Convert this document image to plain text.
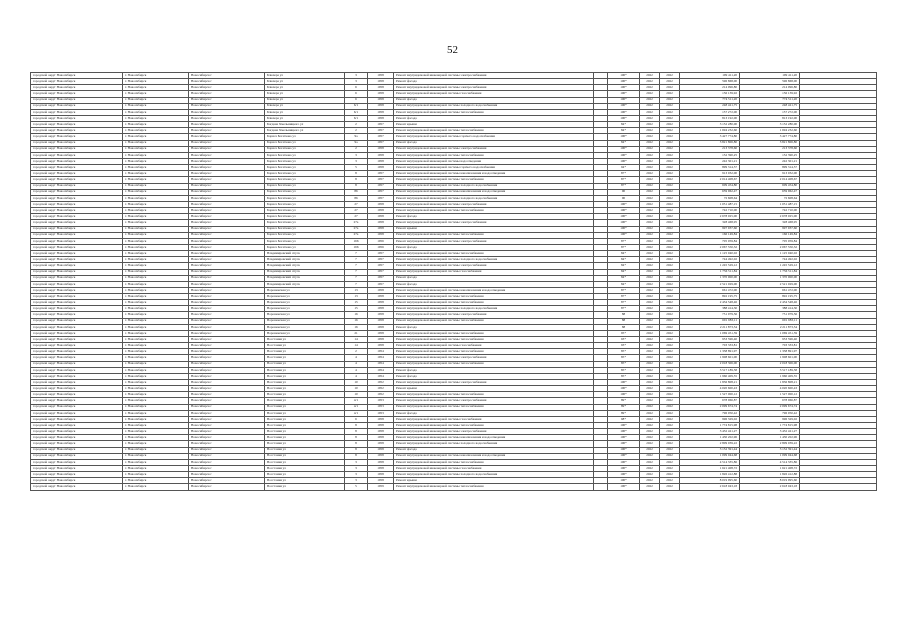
52
городской округ Новосибирск	г. Новосибирск	Новосибирск г	Блюхера ул	3	1958	Ремонт внутридомовой инженерной системы электроснабжения		100*	2022	2022	199 411,20	199 411,20	
городской округ Новосибирск	г. Новосибирск	Новосибирск г	Блюхера ул	3	1958	Ремонт фасада		100*	2022	2022	596 868,00	596 868,00	
городской округ Новосибирск	г. Новосибирск	Новосибирск г	Блюхера ул	6	1958	Ремонт внутридомовой инженерной системы электроснабжения		100*	2022	2022	214 096,80	214 096,80	
городской округ Новосибирск	г. Новосибирск	Новосибирск г	Блюхера ул	6	1958	Ремонт внутридомовой инженерной системы газоснабжения		100*	2022	2022	156 139,92	156 139,92	
городской округ Новосибирск	г. Новосибирск	Новосибирск г	Блюхера ул	6	1958	Ремонт фасада		100*	2022	2022	774 511,20	774 511,20	
городской округ Новосибирск	г. Новосибирск	Новосибирск г	Блюхера ул	6/1	1958	Ремонт внутридомовой инженерной системы холодного водоснабжения		100*	2022	2022	248 421,75	248 421,75	
городской округ Новосибирск	г. Новосибирск	Новосибирск г	Блюхера ул	6/1	1958	Ремонт внутридомовой инженерной системы теплоснабжения		100*	2022	2022	157 272,00	157 272,00	
городской округ Новосибирск	г. Новосибирск	Новосибирск г	Блюхера ул	6/1	1958	Ремонт фасада		100*	2022	2022	813 192,00	813 192,00	
городской округ Новосибирск	г. Новосибирск	Новосибирск г	Богдана Хмельницкого ул	2	1957	Ремонт крыши		84*	2022	2022	3 152 280,00	3 152 280,00	
городской округ Новосибирск	г. Новосибирск	Новосибирск г	Богдана Хмельницкого ул	2	1957	Ремонт внутридомовой инженерной системы теплоснабжения		84*	2022	2022	1 694 232,60	1 694 232,60	
городской округ Новосибирск	г. Новосибирск	Новосибирск г	Бориса Богаткова ул	9а	1957	Ремонт внутридомовой инженерной системы горячего водоснабжения		100*	2022	2022	3 427 774,80	3 427 774,80	
городской округ Новосибирск	г. Новосибирск	Новосибирск г	Бориса Богаткова ул	9а	1957	Ремонт фасада		84*	2022	2022	3 821 806,80	3 821 806,80	
городской округ Новосибирск	г. Новосибирск	Новосибирск г	Бориса Богаткова ул	2	1958	Ремонт внутридомовой инженерной системы электроснабжения		100*	2022	2022	213 378,60	213 378,60	
городской округ Новосибирск	г. Новосибирск	Новосибирск г	Бориса Богаткова ул	3	1958	Ремонт внутридомовой инженерной системы теплоснабжения		100*	2022	2022	152 390,25	152 390,25	
городской округ Новосибирск	г. Новосибирск	Новосибирск г	Бориса Богаткова ул	3	1958	Ремонт внутридомовой инженерной системы водоотведения		100*	2022	2022	242 301,21	242 301,21	
городской округ Новосибирск	г. Новосибирск	Новосибирск г	Бориса Богаткова ул	5	1958	Ремонт внутридомовой инженерной системы горячего водоснабжения		94*	2022	2022	899 314,57	899 314,57	
городской округ Новосибирск	г. Новосибирск	Новосибирск г	Бориса Богаткова ул	8	1957	Ремонт внутридомовой инженерной системы канализования и водоотведения		87*	2022	2022	913 032,00	913 032,00	
городской округ Новосибирск	г. Новосибирск	Новосибирск г	Бориса Богаткова ул	8	1957	Ремонт внутридомовой инженерной системы теплоснабжения		87*	2022	2022	2 014 408,67	2 014 408,67	
городской округ Новосибирск	г. Новосибирск	Новосибирск г	Бориса Богаткова ул	8	1957	Ремонт внутридомовой инженерной системы холодного водоснабжения		87*	2022	2022	609 454,80	609 454,80	
городской округ Новосибирск	г. Новосибирск	Новосибирск г	Бориса Богаткова ул	86	1957	Ремонт внутридомовой инженерной системы канализования и водоотведения		90	2022	2022	659 962,47	659 962,47	
городской округ Новосибирск	г. Новосибирск	Новосибирск г	Бориса Богаткова ул	86	1957	Ремонт внутридомовой инженерной системы холодного водоснабжения		90	2022	2022	72 608,64	72 608,64	
городской округ Новосибирск	г. Новосибирск	Новосибирск г	Бориса Богаткова ул	27	1958	Ремонт внутридомовой инженерной системы электроснабжения		100*	2022	2022	1 051 487,15	1 051 487,15	
городской округ Новосибирск	г. Новосибирск	Новосибирск г	Бориса Богаткова ул	27	1958	Ремонт внутридомовой инженерной системы теплоснабжения		100*	2022	2022	742 710,00	742 710,00	
городской округ Новосибирск	г. Новосибирск	Новосибирск г	Бориса Богаткова ул	27	1958	Ремонт фасада		100*	2022	2022	2 678 025,00	2 678 025,00	
городской округ Новосибирск	г. Новосибирск	Новосибирск г	Бориса Богаткова ул	27а	1958	Ремонт внутридомовой инженерной системы электроснабжения		100*	2022	2022	328 468,95	328 468,95	
городской округ Новосибирск	г. Новосибирск	Новосибирск г	Бориса Богаткова ул	27а	1958	Ремонт крыши		100*	2022	2022	997 937,60	997 937,60	
городской округ Новосибирск	г. Новосибирск	Новосибирск г	Бориса Богаткова ул	27а	1958	Ремонт внутридомовой инженерной системы теплоснабжения		100*	2022	2022	166 149,84	166 149,84	
городской округ Новосибирск	г. Новосибирск	Новосибирск г	Бориса Богаткова ул	166	1956	Ремонт внутридомовой инженерной системы электроснабжения		87*	2022	2022	705 059,84	705 059,84	
городской округ Новосибирск	г. Новосибирск	Новосибирск г	Бориса Богаткова ул	166	1956	Ремонт фасада		87*	2022	2022	2 067 550,32	2 067 550,32	
городской округ Новосибирск	г. Новосибирск	Новосибирск г	Владимировский спуск	7	1957	Ремонт внутридомовой инженерной системы теплоснабжения		84*	2022	2022	1 125 040,02	1 125 040,02	
городской округ Новосибирск	г. Новосибирск	Новосибирск г	Владимировский спуск	7	1957	Ремонт внутридомовой инженерной системы холодного водоснабжения		84*	2022	2022	744 492,02	744 492,02	
городской округ Новосибирск	г. Новосибирск	Новосибирск г	Владимировский спуск	7	1957	Ремонт внутридомовой инженерной системы электроснабжения		84*	2022	2022	1 245 529,12	1 245 529,12	
городской округ Новосибирск	г. Новосибирск	Новосибирск г	Владимировский спуск	7	1957	Ремонт внутридомовой инженерной системы газоснабжения		84*	2022	2022	1 756 511,84	1 756 511,84	
городской округ Новосибирск	г. Новосибирск	Новосибирск г	Владимировский спуск	7	1957	Ремонт фасада		84*	2022	2022	1 370 000,00	1 370 000,00	
городской округ Новосибирск	г. Новосибирск	Новосибирск г	Владимировский спуск	7	1957	Ремонт фасада		84*	2022	2022	2 521 029,00	2 521 029,00	
городской округ Новосибирск	г. Новосибирск	Новосибирск г	Воронежская ул	13	1958	Ремонт внутридомовой инженерной системы канализования и водоотведения		87*	2022	2022	661 472,00	661 472,00	
городской округ Новосибирск	г. Новосибирск	Новосибирск г	Воронежская ул	13	1958	Ремонт внутридомовой инженерной системы теплоснабжения		87*	2022	2022	892 195,75	892 195,75	
городской округ Новосибирск	г. Новосибирск	Новосибирск г	Воронежская ул	15	1958	Ремонт внутридомовой инженерной системы теплоснабжения		87*	2022	2022	2 434 548,46	2 434 548,46	
городской округ Новосибирск	г. Новосибирск	Новосибирск г	Воронежская ул	15	1958	Ремонт внутридомовой инженерной системы холодного водоснабжения		87*	2022	2022	388 414,30	388 414,30	
городской округ Новосибирск	г. Новосибирск	Новосибирск г	Воронежская ул	16	1958	Ремонт внутридомовой инженерной системы электроснабжения		88	2022	2022	751 979,56	751 979,56	
городской округ Новосибирск	г. Новосибирск	Новосибирск г	Воронежская ул	16	1958	Ремонт внутридомовой инженерной системы теплоснабжения		88	2022	2022	691 983,11	691 983,11	
городской округ Новосибирск	г. Новосибирск	Новосибирск г	Воронежская ул	16	1958	Ремонт фасада		88	2022	2022	2 211 873,54	2 211 873,54	
городской округ Новосибирск	г. Новосибирск	Новосибирск г	Воронежская ул	21	1958	Ремонт внутридомовой инженерной системы теплоснабжения		95*	2022	2022	1 069 451,59	1 069 451,59	
городской округ Новосибирск	г. Новосибирск	Новосибирск г	Восстания ул	14	1958	Ремонт внутридомовой инженерной системы теплоснабжения		93*	2022	2022	953 596,40	953 596,40	
городской округ Новосибирск	г. Новосибирск	Новосибирск г	Восстания ул	14	1958	Ремонт внутридомовой инженерной системы газоснабжения		93*	2022	2022	703 333,81	703 333,81	
городской округ Новосибирск	г. Новосибирск	Новосибирск г	Восстания ул	2	1954	Ремонт внутридомовой инженерной системы теплоснабжения		85*	2022	2022	1 338 891,97	1 338 891,97	
городской округ Новосибирск	г. Новосибирск	Новосибирск г	Восстания ул	4	1954	Ремонт внутридомовой инженерной системы электроснабжения		85*	2022	2022	1 908 601,00	1 908 601,00	
городской округ Новосибирск	г. Новосибирск	Новосибирск г	Восстания ул	4	1954	Ремонт внутридомовой инженерной системы теплоснабжения		85*	2022	2022	2 018 306,00	2 018 306,00	
городской округ Новосибирск	г. Новосибирск	Новосибирск г	Восстания ул	4	1954	Ремонт фасада		85*	2022	2022	3 517 189,58	3 517 189,58	
городской округ Новосибирск	г. Новосибирск	Новосибирск г	Восстания ул	4	1954	Ремонт фасада		85*	2022	2022	1 960 409,55	1 960 409,55	
городской округ Новосибирск	г. Новосибирск	Новосибирск г	Восстания ул	10	1952	Ремонт внутридомовой инженерной системы электроснабжения		100*	2022	2022	1 836 808,21	1 836 808,21	
городской округ Новосибирск	г. Новосибирск	Новосибирск г	Восстания ул	10	1952	Ремонт крыши		100*	2022	2022	4 020 600,43	4 020 600,43	
городской округ Новосибирск	г. Новосибирск	Новосибирск г	Восстания ул	10	1952	Ремонт внутридомовой инженерной системы теплоснабжения		100*	2022	2022	1 527 000,12	1 527 000,12	
городской округ Новосибирск	г. Новосибирск	Новосибирск г	Восстания ул	4/1	1953	Ремонт внутридомовой инженерной системы электроснабжения		89*	2022	2022	678 966,87	678 966,87	
городской округ Новосибирск	г. Новосибирск	Новосибирск г	Восстания ул	4/1	1953	Ремонт внутридомовой инженерной системы теплоснабжения		89*	2022	2022	2 099 674,74	2 099 674,74	
городской округ Новосибирск	г. Новосибирск	Новосибирск г	Восстания ул	4/1	1953	Ремонт фасада		89*	2022	2022	796 050,42	796 050,42	
городской округ Новосибирск	г. Новосибирск	Новосибирск г	Восстания ул	6	1958	Ремонт внутридомовой инженерной системы газоснабжения		98*	2022	2022	996 329,02	996 329,02	
городской округ Новосибирск	г. Новосибирск	Новосибирск г	Восстания ул	8	1958	Ремонт внутридомовой инженерной системы теплоснабжения		100*	2022	2022	1 774 815,98	1 774 815,98	
городской округ Новосибирск	г. Новосибирск	Новосибирск г	Восстания ул	8	1958	Ремонт внутридомовой инженерной системы электроснабжения		100*	2022	2022	3 432 421,27	3 432 421,27	
городской округ Новосибирск	г. Новосибирск	Новосибирск г	Восстания ул	8	1958	Ремонт внутридомовой инженерной системы канализования и водоотведения		100*	2022	2022	1 430 202,96	1 430 202,96	
городской округ Новосибирск	г. Новосибирск	Новосибирск г	Восстания ул	8	1958	Ремонт внутридомовой инженерной системы холодного водоснабжения		100*	2022	2022	2 809 039,22	2 809 039,22	
городской округ Новосибирск	г. Новосибирск	Новосибирск г	Восстания ул	8	1958	Ремонт фасада		100*	2022	2022	3 152 391,44	3 152 391,44	
городской округ Новосибирск	г. Новосибирск	Новосибирск г	Восстания ул	8	1958	Ремонт внутридомовой инженерной системы канализования и водоотведения		100*	2022	2022	1 099 044,68	1 099 044,68	
городской округ Новосибирск	г. Новосибирск	Новосибирск г	Восстания ул	3	1958	Ремонт внутридомовой инженерной системы теплоснабжения		100*	2022	2022	4 514 335,86	4 514 335,86	
городской округ Новосибирск	г. Новосибирск	Новосибирск г	Восстания ул	3	1958	Ремонт внутридомовой инженерной системы газоснабжения		100*	2022	2022	1 621 408,72	1 621 408,72	
городской округ Новосибирск	г. Новосибирск	Новосибирск г	Восстания ул	3	1958	Ремонт внутридомовой инженерной системы холодного водоснабжения		100*	2022	2022	1 826 412,88	1 826 412,88	
городской округ Новосибирск	г. Новосибирск	Новосибирск г	Восстания ул	3	1958	Ремонт крыши		100*	2022	2022	8 019 995,60	8 019 995,60	
городской округ Новосибирск	г. Новосибирск	Новосибирск г	Восстания ул	5	1959	Ремонт внутридомовой инженерной системы теплоснабжения		100*	2022	2022	2 618 043,18	2 618 043,18	
